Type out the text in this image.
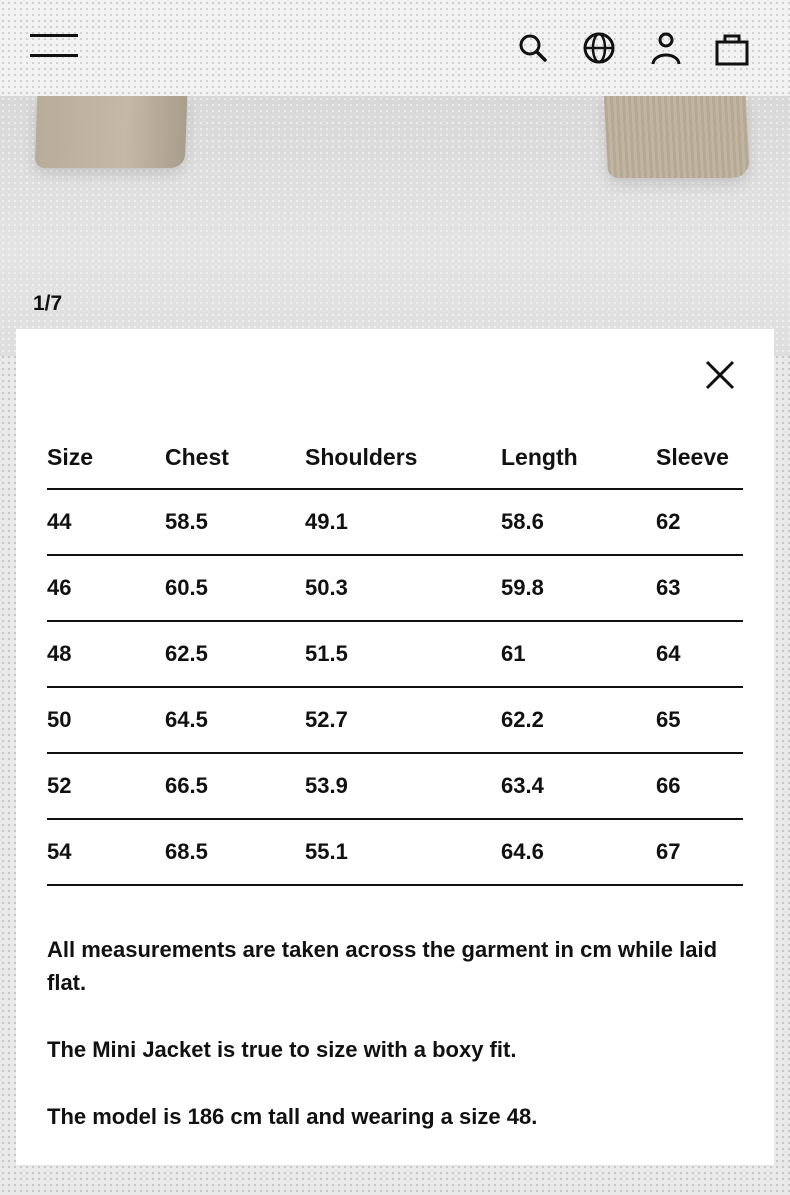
1/7
Size	Chest	Shoulders	Length	Sleeve
44	58.5	49.1	58.6	62
46	60.5	50.3	59.8	63
48	62.5	51.5	61	64
50	64.5	52.7	62.2	65
52	66.5	53.9	63.4	66
54	68.5	55.1	64.6	67

All measurements are taken across the garment in cm while laid flat.

The Mini Jacket is true to size with a boxy fit.

The model is 186 cm tall and wearing a size 48.
